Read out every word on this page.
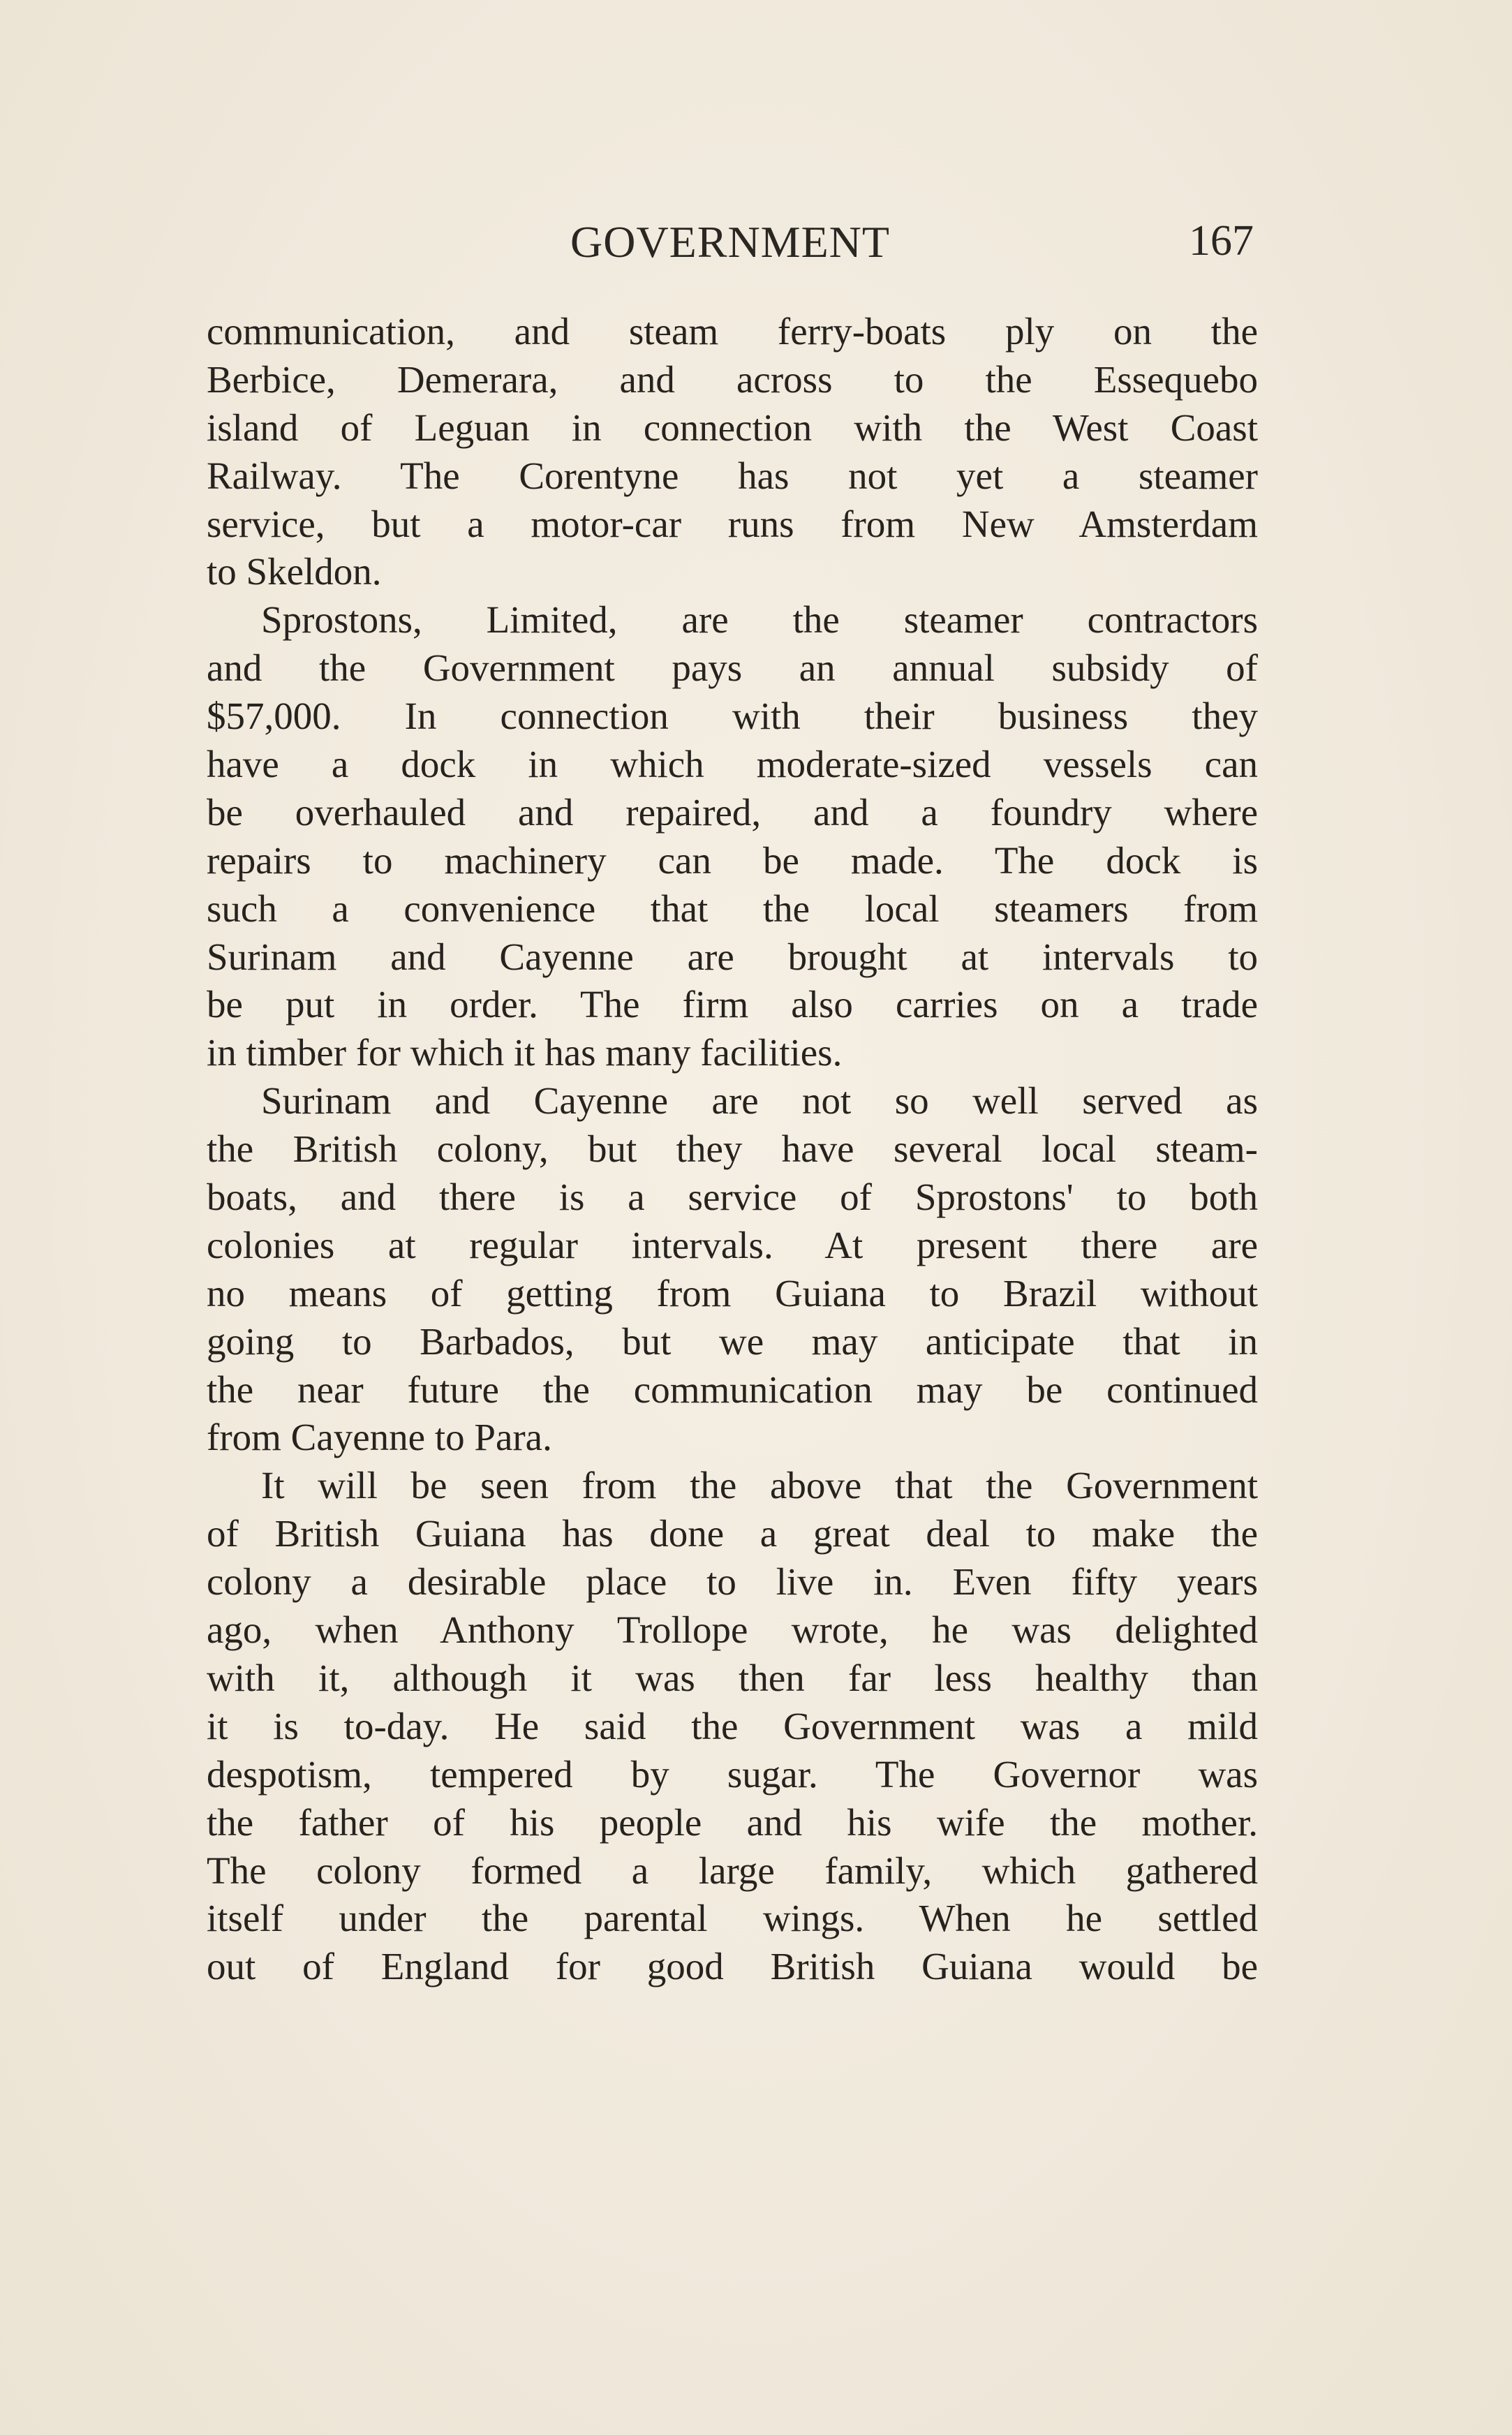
GOVERNMENT	167
communication, and steam ferry-boats ply on the
Berbice, Demerara, and across to the Essequebo
island of Leguan in connection with the West Coast
Railway. The Corentyne has not yet a steamer
service, but a motor-car runs from New Amsterdam
to Skeldon.
Sprostons, Limited, are the steamer contractors
and the Government pays an annual subsidy of
$57,000. In connection with their business they
have a dock in which moderate-sized vessels can
be overhauled and repaired, and a foundry where
repairs to machinery can be made. The dock is
such a convenience that the local steamers from
Surinam and Cayenne are brought at intervals to
be put in order. The firm also carries on a trade
in timber for which it has many facilities.
Surinam and Cayenne are not so well served as
the British colony, but they have several local steam-
boats, and there is a service of Sprostons' to both
colonies at regular intervals. At present there are
no means of getting from Guiana to Brazil without
going to Barbados, but we may anticipate that in
the near future the communication may be continued
from Cayenne to Para.
It will be seen from the above that the Government
of British Guiana has done a great deal to make the
colony a desirable place to live in. Even fifty years
ago, when Anthony Trollope wrote, he was delighted
with it, although it was then far less healthy than
it is to-day. He said the Government was a mild
despotism, tempered by sugar. The Governor was
the father of his people and his wife the mother.
The colony formed a large family, which gathered
itself under the parental wings. When he settled
out of England for good British Guiana would be
